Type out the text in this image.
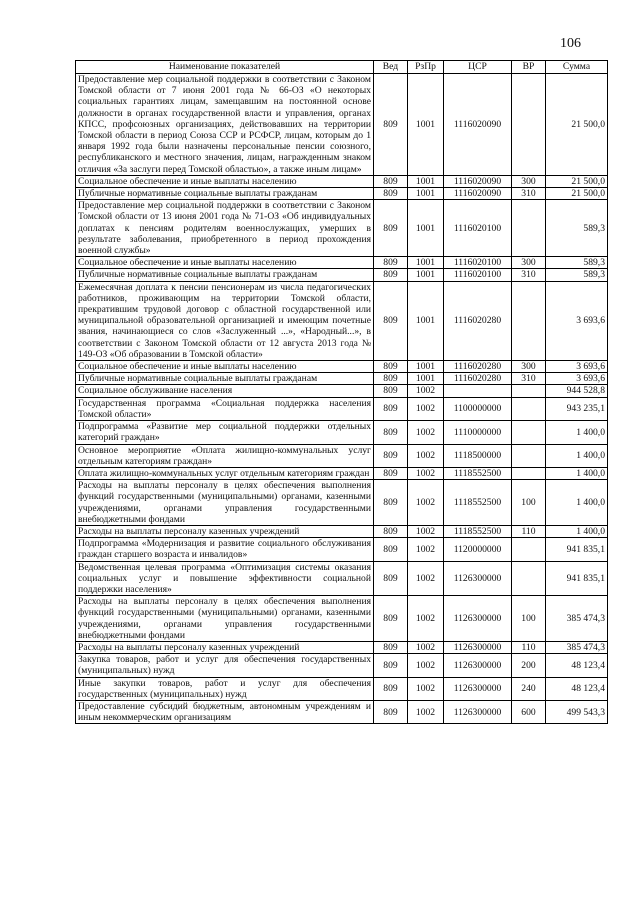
106
Наименование показателей	Вед	РзПр	ЦСР	ВР	Сумма
Предоставление мер социальной поддержки в соответствии с Законом Томской области от 7 июня 2001 года № 66-ОЗ «О некоторых социальных гарантиях лицам, замещавшим на постоянной основе должности в органах государственной власти и управления, органах КПСС, профсоюзных организациях, действовавших на территории Томской области в период Союза ССР и РСФСР, лицам, которым до 1 января 1992 года были назначены персональные пенсии союзного, республиканского и местного значения, лицам, награжденным знаком отличия «За заслуги перед Томской областью», а также иным лицам»	809	1001	1116020090		21 500,0
Социальное обеспечение и иные выплаты населению	809	1001	1116020090	300	21 500,0
Публичные нормативные социальные выплаты гражданам	809	1001	1116020090	310	21 500,0
Предоставление мер социальной поддержки в соответствии с Законом Томской области от 13 июня 2001 года № 71-ОЗ «Об индивидуальных доплатах к пенсиям родителям военнослужащих, умерших в результате заболевания, приобретенного в период прохождения военной службы»	809	1001	1116020100		589,3
Социальное обеспечение и иные выплаты населению	809	1001	1116020100	300	589,3
Публичные нормативные социальные выплаты гражданам	809	1001	1116020100	310	589,3
Ежемесячная доплата к пенсии пенсионерам из числа педагогических работников, проживающим на территории Томской области, прекратившим трудовой договор с областной государственной или муниципальной образовательной организацией и имеющим почетные звания, начинающиеся со слов «Заслуженный ...», «Народный...», в соответствии с Законом Томской области от 12 августа 2013 года № 149-ОЗ «Об образовании в Томской области»	809	1001	1116020280		3 693,6
Социальное обеспечение и иные выплаты населению	809	1001	1116020280	300	3 693,6
Публичные нормативные социальные выплаты гражданам	809	1001	1116020280	310	3 693,6
Социальное обслуживание населения	809	1002			944 528,8
Государственная программа «Социальная поддержка населения Томской области»	809	1002	1100000000		943 235,1
Подпрограмма «Развитие мер социальной поддержки отдельных категорий граждан»	809	1002	1110000000		1 400,0
Основное мероприятие «Оплата жилищно-коммунальных услуг отдельным категориям граждан»	809	1002	1118500000		1 400,0
Оплата жилищно-коммунальных услуг отдельным категориям граждан	809	1002	1118552500		1 400,0
Расходы на выплаты персоналу в целях обеспечения выполнения функций государственными (муниципальными) органами, казенными учреждениями, органами управления государственными внебюджетными фондами	809	1002	1118552500	100	1 400,0
Расходы на выплаты персоналу казенных учреждений	809	1002	1118552500	110	1 400,0
Подпрограмма «Модернизация и развитие социального обслуживания граждан старшего возраста и инвалидов»	809	1002	1120000000		941 835,1
Ведомственная целевая программа «Оптимизация системы оказания социальных услуг и повышение эффективности социальной поддержки населения»	809	1002	1126300000		941 835,1
Расходы на выплаты персоналу в целях обеспечения выполнения функций государственными (муниципальными) органами, казенными учреждениями, органами управления государственными внебюджетными фондами	809	1002	1126300000	100	385 474,3
Расходы на выплаты персоналу казенных учреждений	809	1002	1126300000	110	385 474,3
Закупка товаров, работ и услуг для обеспечения государственных (муниципальных) нужд	809	1002	1126300000	200	48 123,4
Иные закупки товаров, работ и услуг для обеспечения государственных (муниципальных) нужд	809	1002	1126300000	240	48 123,4
Предоставление субсидий бюджетным, автономным учреждениям и иным некоммерческим организациям	809	1002	1126300000	600	499 543,3
